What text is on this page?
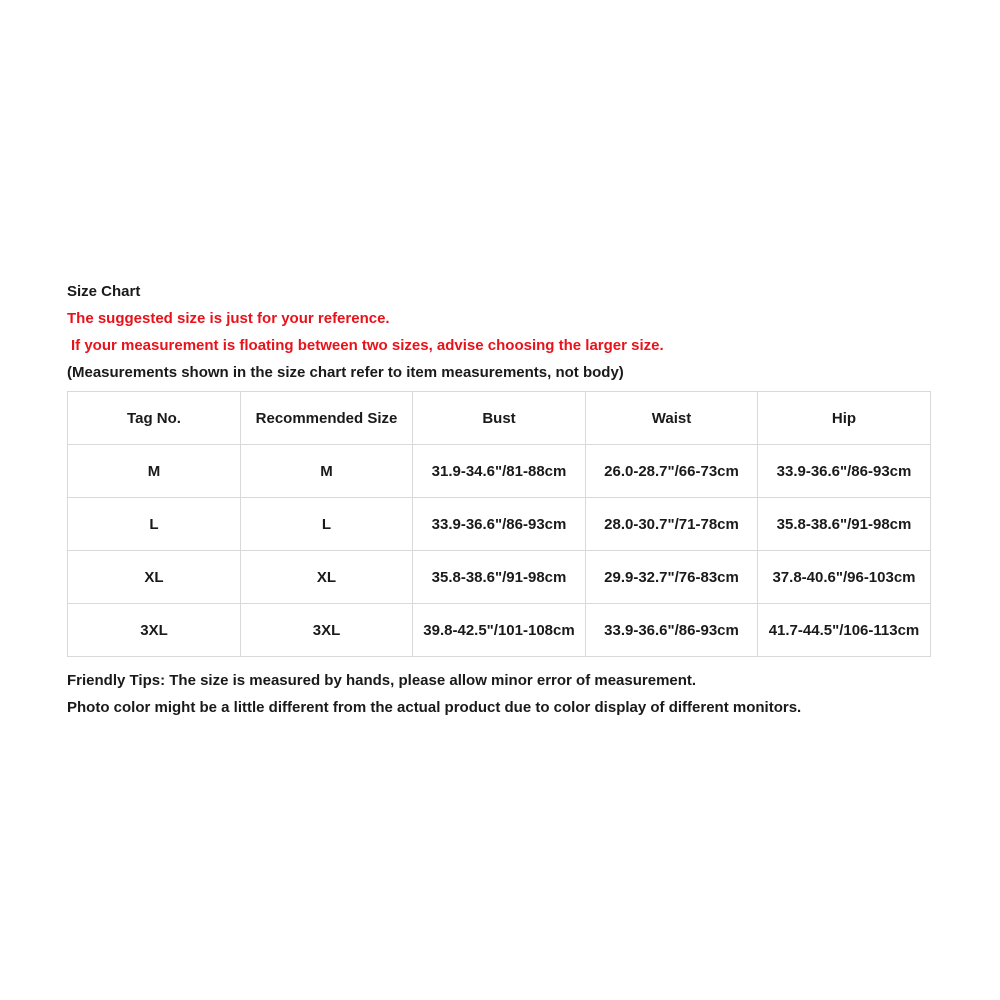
Size Chart
The suggested size is just for your reference.
If your measurement is floating between two sizes, advise choosing the larger size.
(Measurements shown in the size chart refer to item measurements, not body)
Tag No.	Recommended Size	Bust	Waist	Hip
M	M	31.9-34.6"/81-88cm	26.0-28.7"/66-73cm	33.9-36.6"/86-93cm
L	L	33.9-36.6"/86-93cm	28.0-30.7"/71-78cm	35.8-38.6"/91-98cm
XL	XL	35.8-38.6"/91-98cm	29.9-32.7"/76-83cm	37.8-40.6"/96-103cm
3XL	3XL	39.8-42.5"/101-108cm	33.9-36.6"/86-93cm	41.7-44.5"/106-113cm
Friendly Tips: The size is measured by hands, please allow minor error of measurement.
Photo color might be a little different from the actual product due to color display of different monitors.
